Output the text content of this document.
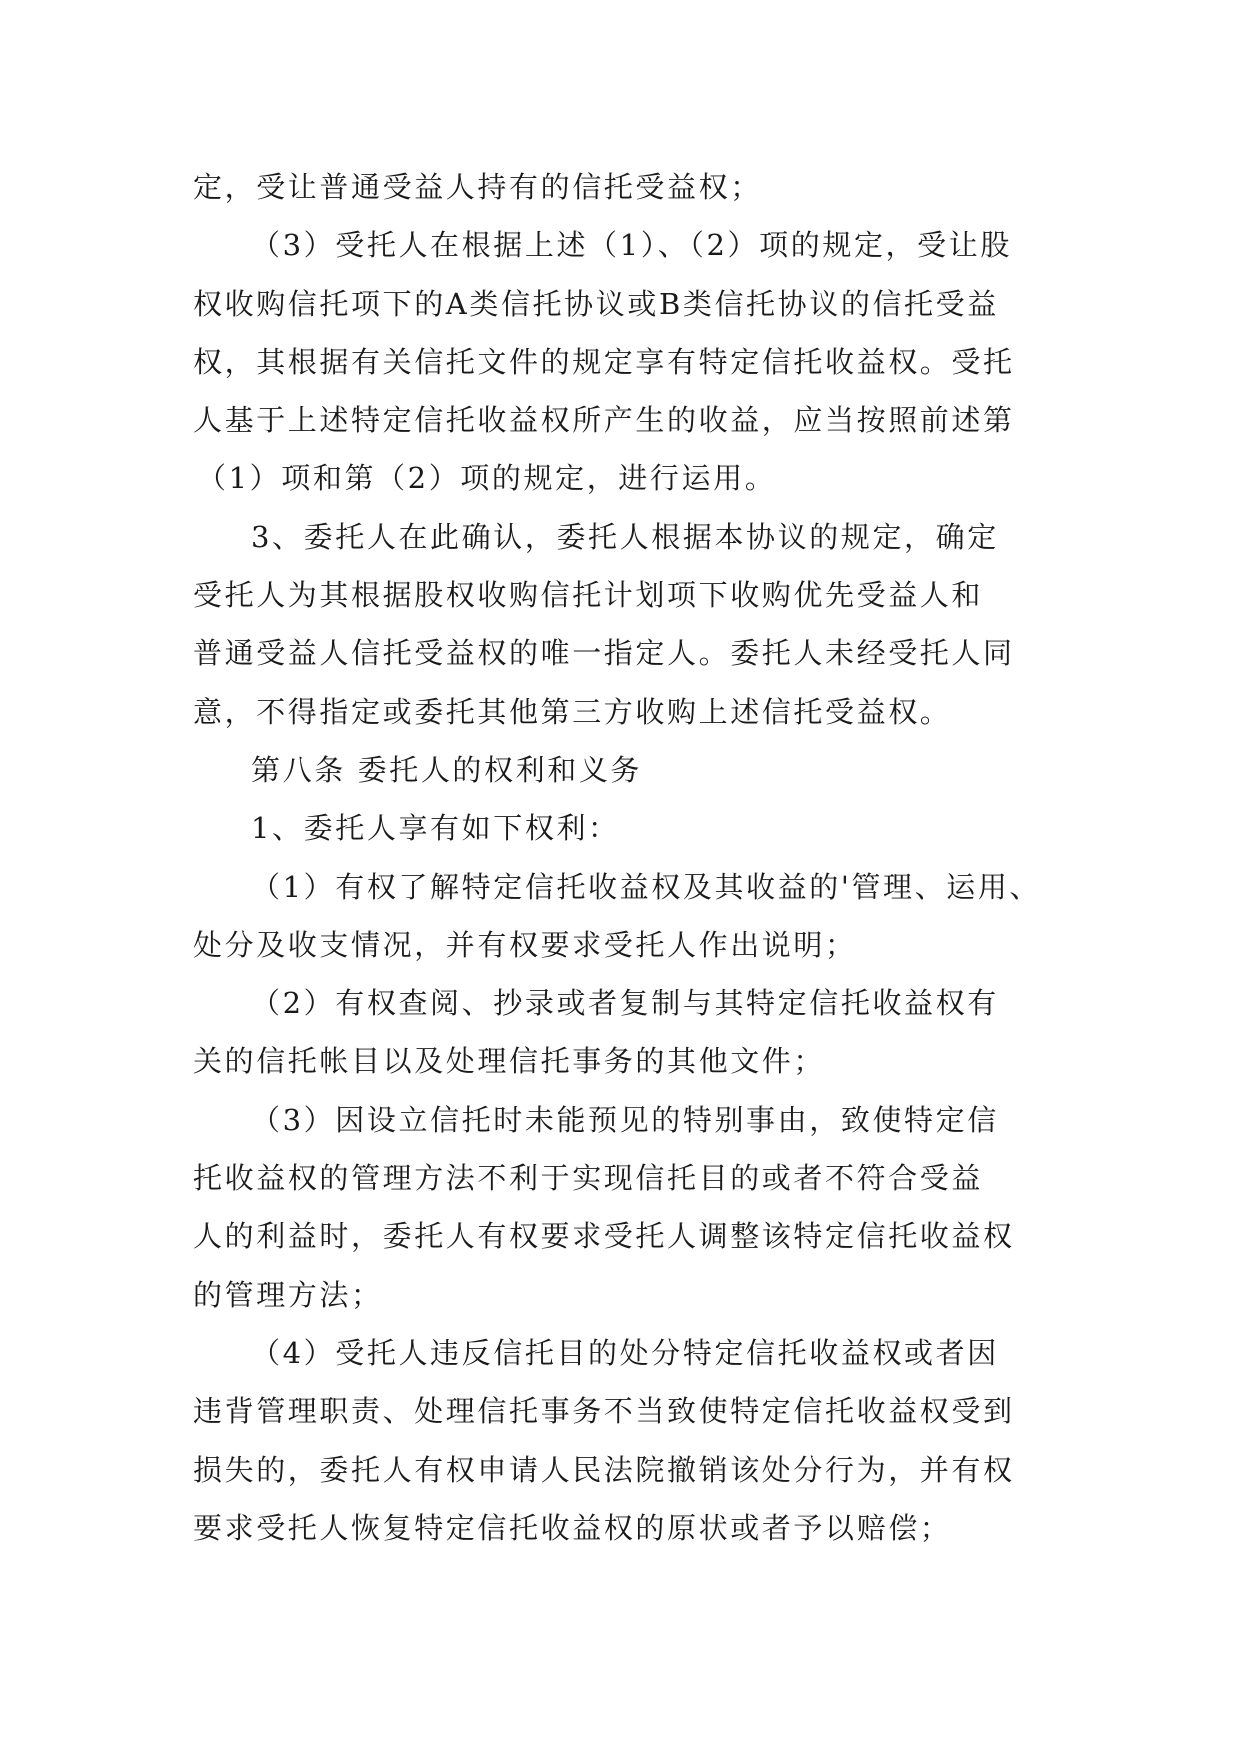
定，受让普通受益人持有的信托受益权；
（3）受托人在根据上述（1）、（2）项的规定，受让股
权收购信托项下的A类信托协议或B类信托协议的信托受益
权，其根据有关信托文件的规定享有特定信托收益权。受托
人基于上述特定信托收益权所产生的收益，应当按照前述第
（1）项和第（2）项的规定，进行运用。
3、委托人在此确认，委托人根据本协议的规定，确定
受托人为其根据股权收购信托计划项下收购优先受益人和
普通受益人信托受益权的唯一指定人。委托人未经受托人同
意，不得指定或委托其他第三方收购上述信托受益权。
第八条 委托人的权利和义务
1、委托人享有如下权利：
（1）有权了解特定信托收益权及其收益的'管理、运用、
处分及收支情况，并有权要求受托人作出说明；
（2）有权查阅、抄录或者复制与其特定信托收益权有
关的信托帐目以及处理信托事务的其他文件；
（3）因设立信托时未能预见的特别事由，致使特定信
托收益权的管理方法不利于实现信托目的或者不符合受益
人的利益时，委托人有权要求受托人调整该特定信托收益权
的管理方法；
（4）受托人违反信托目的处分特定信托收益权或者因
违背管理职责、处理信托事务不当致使特定信托收益权受到
损失的，委托人有权申请人民法院撤销该处分行为，并有权
要求受托人恢复特定信托收益权的原状或者予以赔偿；
